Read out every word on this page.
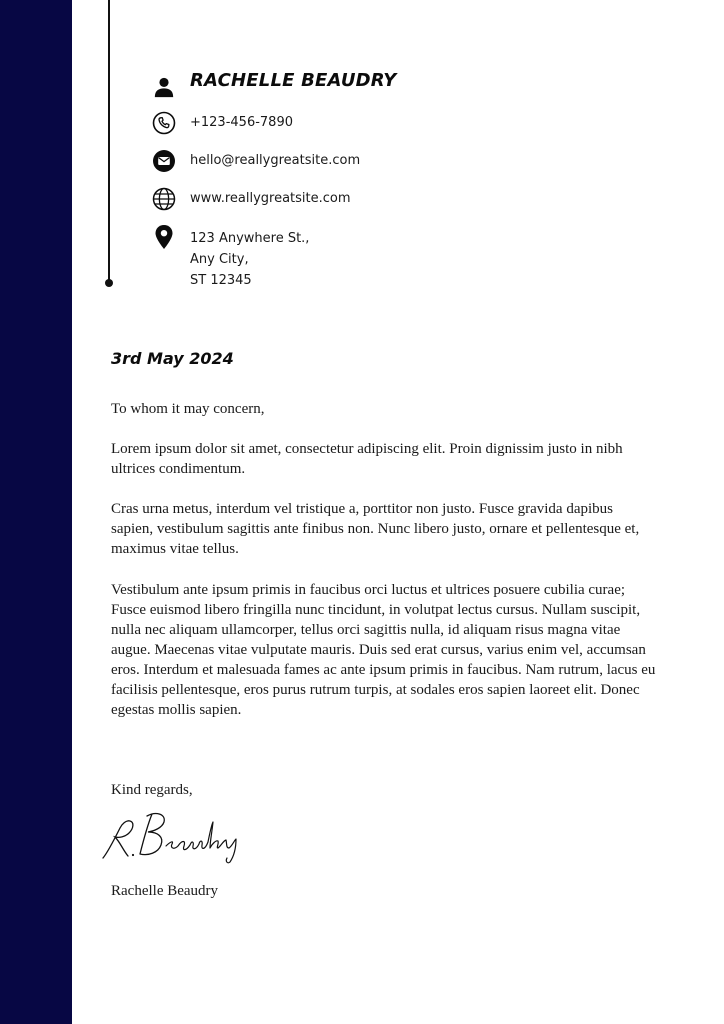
RACHELLE BEAUDRY
+123-456-7890
hello@reallygreatsite.com
www.reallygreatsite.com
123 Anywhere St.,
Any City,
ST 12345
3rd May 2024

To whom it may concern,

Lorem ipsum dolor sit amet, consectetur adipiscing elit. Proin dignissim justo in nibh ultrices condimentum.

Cras urna metus, interdum vel tristique a, porttitor non justo. Fusce gravida dapibus sapien, vestibulum sagittis ante finibus non. Nunc libero justo, ornare et pellentesque et, maximus vitae tellus.

Vestibulum ante ipsum primis in faucibus orci luctus et ultrices posuere cubilia curae; Fusce euismod libero fringilla nunc tincidunt, in volutpat lectus cursus. Nullam suscipit, nulla nec aliquam ullamcorper, tellus orci sagittis nulla, id aliquam risus magna vitae augue. Maecenas vitae vulputate mauris. Duis sed erat cursus, varius enim vel, accumsan eros. Interdum et malesuada fames ac ante ipsum primis in faucibus. Nam rutrum, lacus eu facilisis pellentesque, eros purus rutrum turpis, at sodales eros sapien laoreet elit. Donec egestas mollis sapien.

Kind regards,

Rachelle Beaudry
